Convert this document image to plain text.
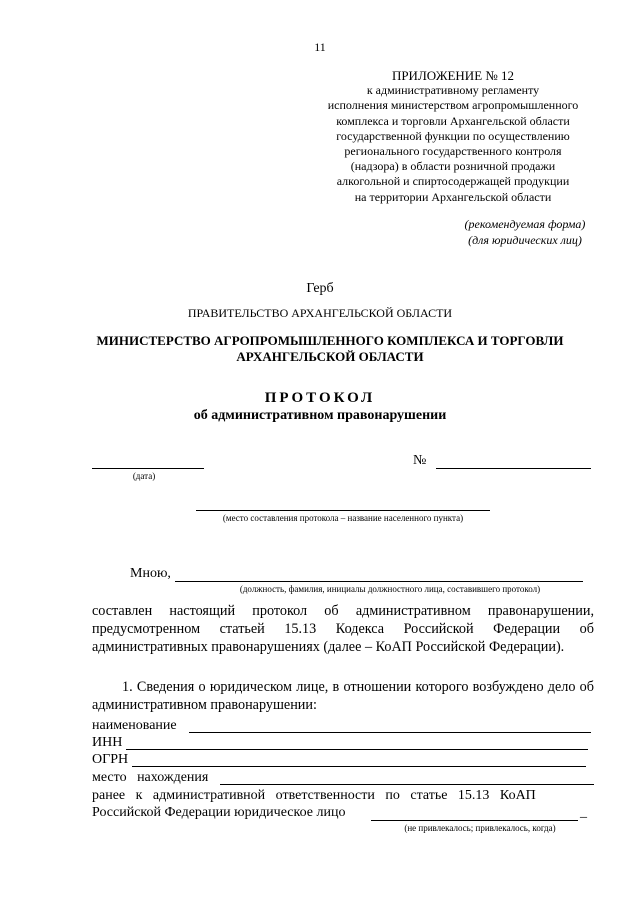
11
ПРИЛОЖЕНИЕ № 12
к административному регламенту
исполнения министерством агропромышленного
комплекса и торговли Архангельской области
государственной функции по осуществлению
регионального государственного контроля
(надзора) в области розничной продажи
алкогольной и спиртосодержащей продукции
на территории Архангельской области
(рекомендуемая форма)
(для юридических лиц)
Герб
ПРАВИТЕЛЬСТВО АРХАНГЕЛЬСКОЙ ОБЛАСТИ
МИНИСТЕРСТВО АГРОПРОМЫШЛЕННОГО КОМПЛЕКСА И ТОРГОВЛИ
АРХАНГЕЛЬСКОЙ ОБЛАСТИ
ПРОТОКОЛ
об административном правонарушении
(дата)
№
(место составления протокола – название населенного пункта)
Мною,
(должность, фамилия, инициалы должностного лица, составившего протокол)
составлен настоящий протокол об административном правонарушении, предусмотренном статьей 15.13 Кодекса Российской Федерации об административных правонарушениях (далее – КоАП Российской Федерации).
1. Сведения о юридическом лице, в отношении которого возбуждено дело об административном правонарушении:
наименование
ИНН
ОГРН
место   нахождения
ранее   к   административной   ответственности   по   статье   15.13   КоАП
Российской Федерации юридическое лицо	_
(не привлекалось; привлекалось, когда)
